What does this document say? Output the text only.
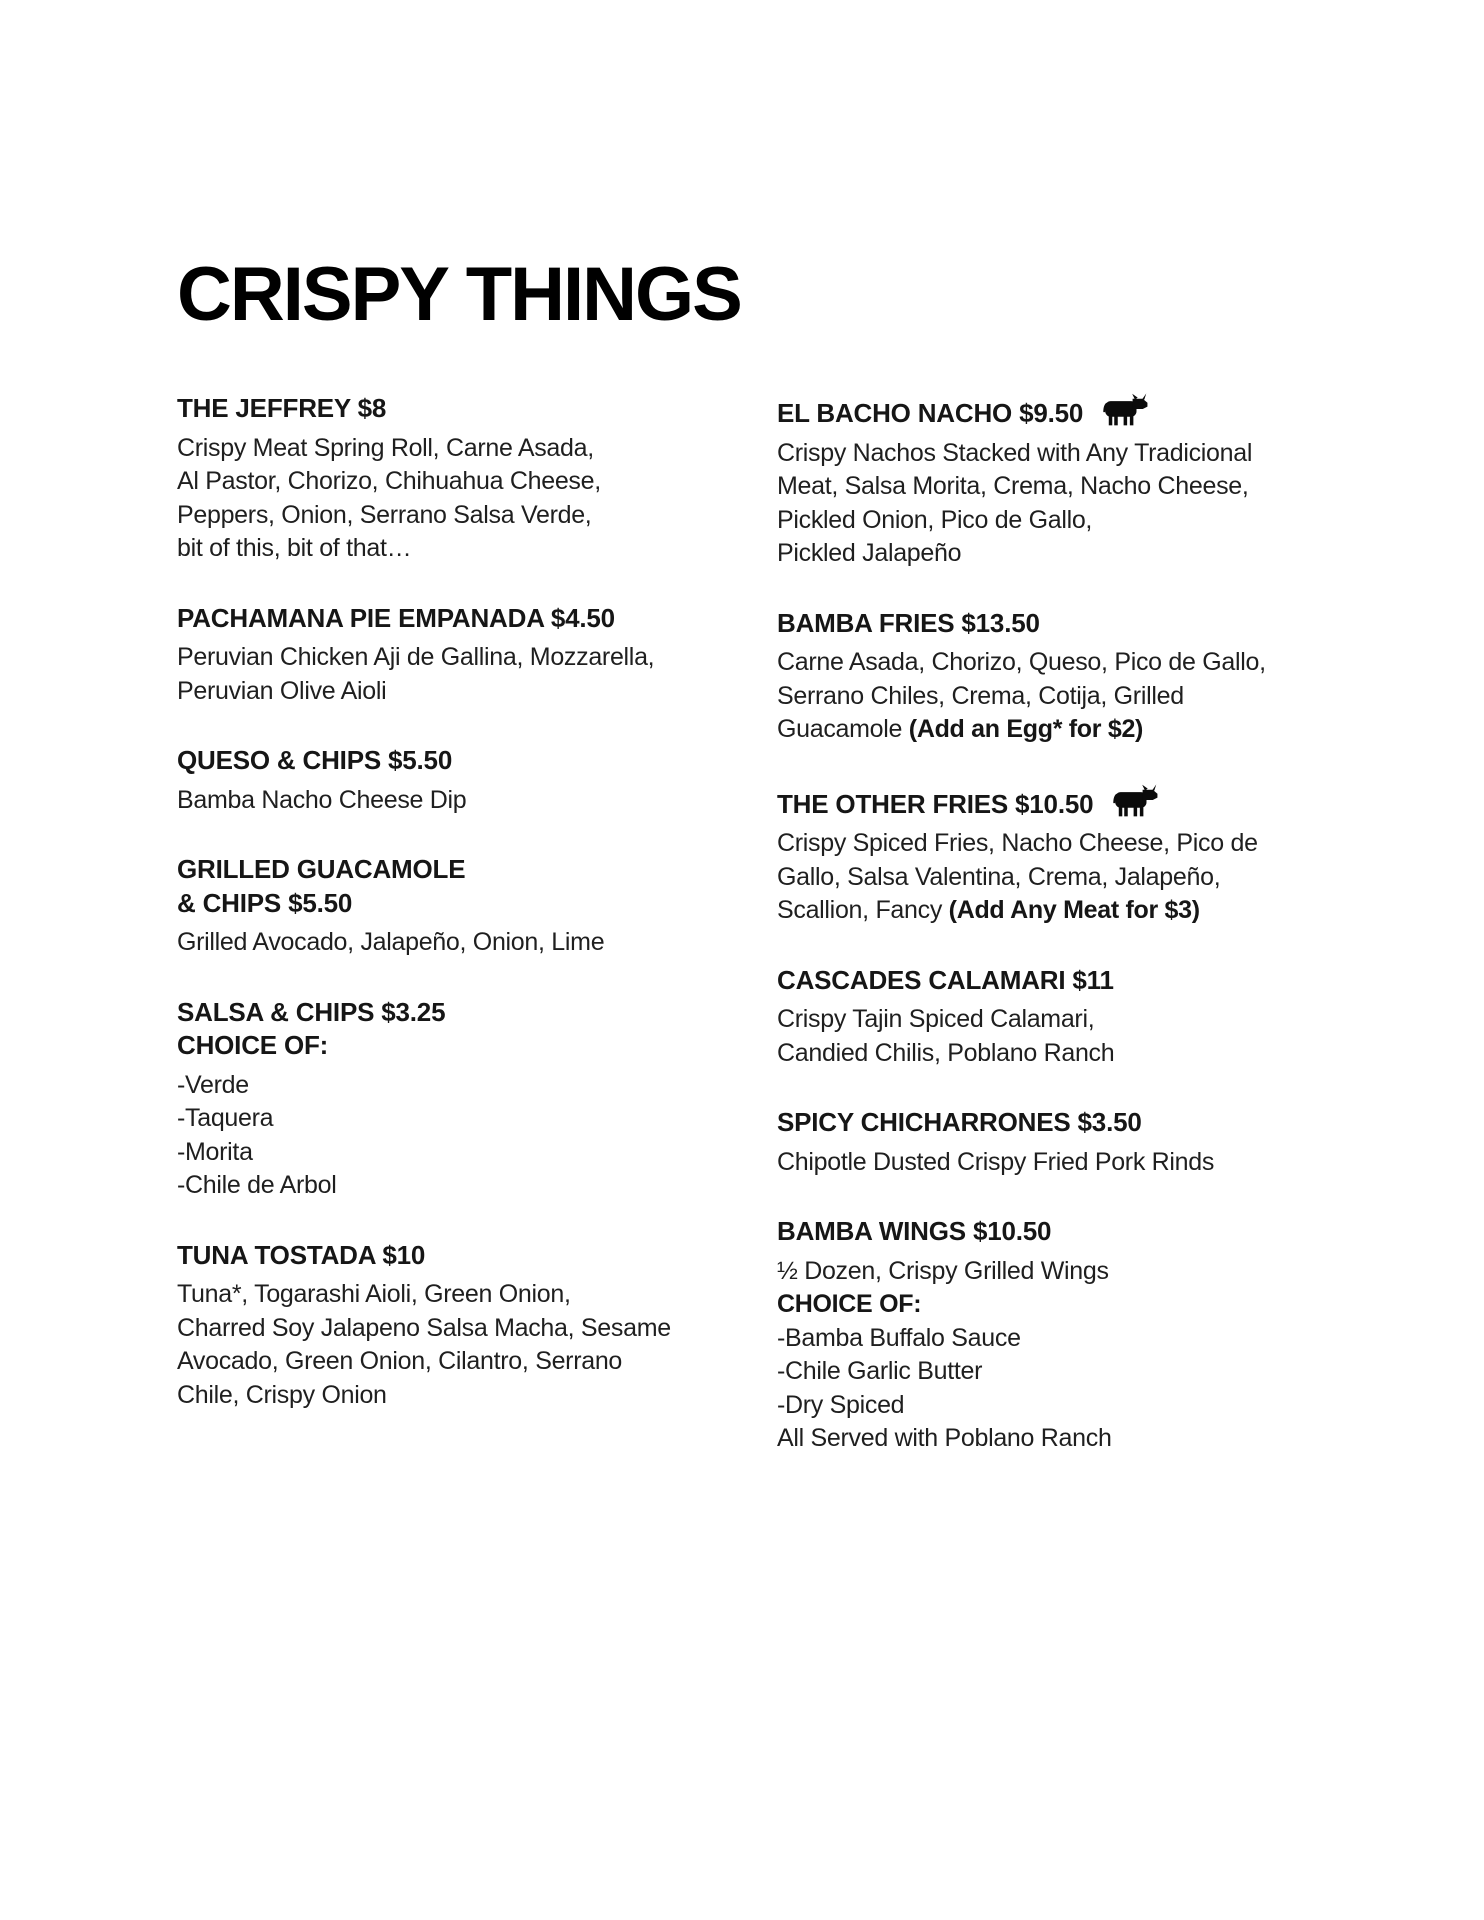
CRISPY THINGS
THE JEFFREY $8
Crispy Meat Spring Roll, Carne Asada,
Al Pastor, Chorizo, Chihuahua Cheese,
Peppers, Onion, Serrano Salsa Verde,
bit of this, bit of that…
PACHAMANA PIE EMPANADA $4.50
Peruvian Chicken Aji de Gallina, Mozzarella,
Peruvian Olive Aioli
QUESO & CHIPS $5.50
Bamba Nacho Cheese Dip
GRILLED GUACAMOLE
& CHIPS $5.50
Grilled Avocado, Jalapeño, Onion, Lime
SALSA & CHIPS $3.25
CHOICE OF:
-Verde
-Taquera
-Morita
-Chile de Arbol
TUNA TOSTADA $10
Tuna*, Togarashi Aioli, Green Onion,
Charred Soy Jalapeno Salsa Macha, Sesame
Avocado, Green Onion, Cilantro, Serrano
Chile, Crispy Onion
EL BACHO NACHO $9.50
Crispy Nachos Stacked with Any Tradicional
Meat, Salsa Morita, Crema, Nacho Cheese,
Pickled Onion, Pico de Gallo,
Pickled Jalapeño
BAMBA FRIES $13.50
Carne Asada, Chorizo, Queso, Pico de Gallo,
Serrano Chiles, Crema, Cotija, Grilled
Guacamole (Add an Egg* for $2)
THE OTHER FRIES $10.50
Crispy Spiced Fries, Nacho Cheese, Pico de
Gallo, Salsa Valentina, Crema, Jalapeño,
Scallion, Fancy (Add Any Meat for $3)
CASCADES CALAMARI $11
Crispy Tajin Spiced Calamari,
Candied Chilis, Poblano Ranch
SPICY CHICHARRONES $3.50
Chipotle Dusted Crispy Fried Pork Rinds
BAMBA WINGS $10.50
½ Dozen, Crispy Grilled Wings
CHOICE OF:
-Bamba Buffalo Sauce
-Chile Garlic Butter
-Dry Spiced
All Served with Poblano Ranch
